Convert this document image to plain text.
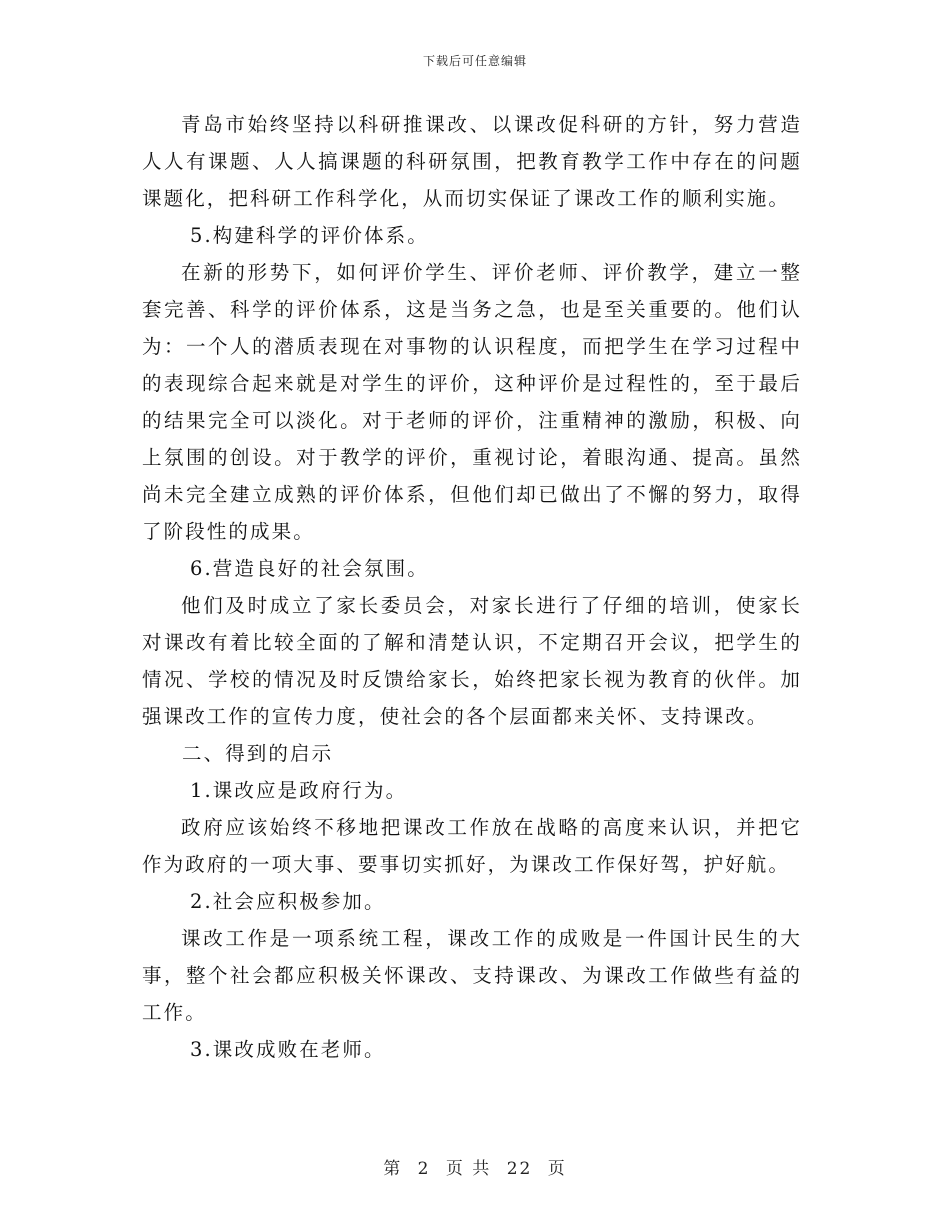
下载后可任意编辑

青岛市始终坚持以科研推课改、以课改促科研的方针，努力营造人人有课题、人人搞课题的科研氛围，把教育教学工作中存在的问题课题化，把科研工作科学化，从而切实保证了课改工作的顺利实施。

5.构建科学的评价体系。

在新的形势下，如何评价学生、评价老师、评价教学，建立一整套完善、科学的评价体系，这是当务之急，也是至关重要的。他们认为：一个人的潜质表现在对事物的认识程度，而把学生在学习过程中的表现综合起来就是对学生的评价，这种评价是过程性的，至于最后的结果完全可以淡化。对于老师的评价，注重精神的激励，积极、向上氛围的创设。对于教学的评价，重视讨论，着眼沟通、提高。虽然尚未完全建立成熟的评价体系，但他们却已做出了不懈的努力，取得了阶段性的成果。

6.营造良好的社会氛围。

他们及时成立了家长委员会，对家长进行了仔细的培训，使家长对课改有着比较全面的了解和清楚认识，不定期召开会议，把学生的情况、学校的情况及时反馈给家长，始终把家长视为教育的伙伴。加强课改工作的宣传力度，使社会的各个层面都来关怀、支持课改。

二、得到的启示

1.课改应是政府行为。

政府应该始终不移地把课改工作放在战略的高度来认识，并把它作为政府的一项大事、要事切实抓好，为课改工作保好驾，护好航。

2.社会应积极参加。

课改工作是一项系统工程，课改工作的成败是一件国计民生的大事，整个社会都应积极关怀课改、支持课改、为课改工作做些有益的工作。

3.课改成败在老师。

第 2 页 共 22 页
